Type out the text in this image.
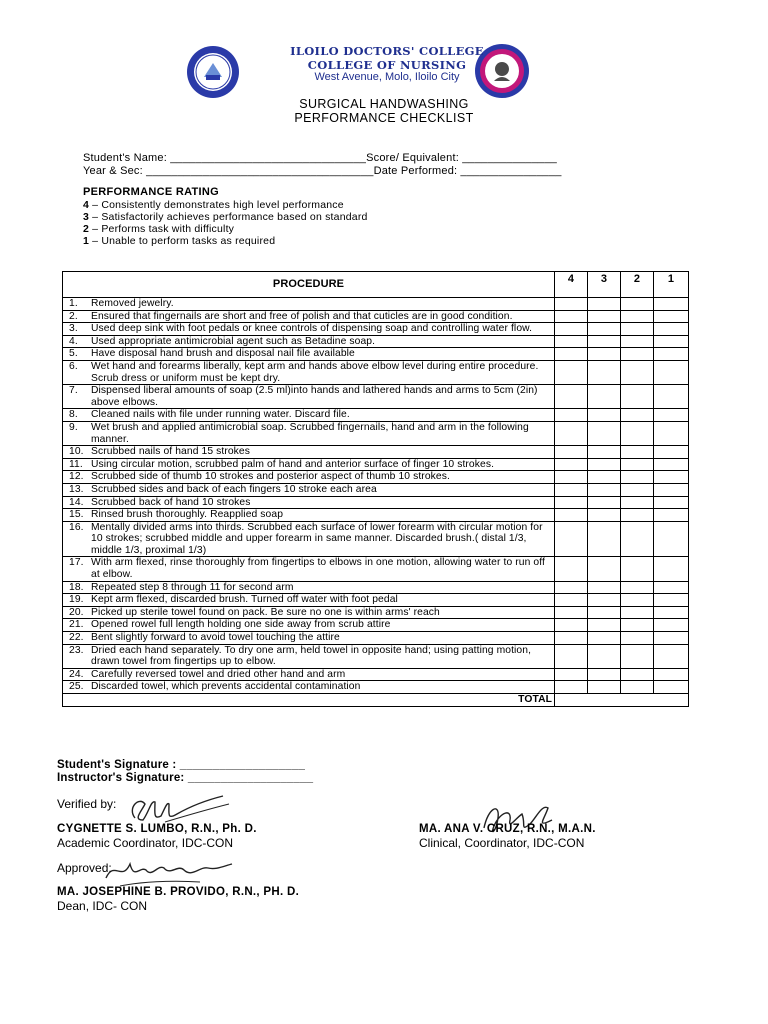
ILOILO DOCTORS' COLLEGE
COLLEGE OF NURSING
West Avenue, Molo, Iloilo City
SURGICAL HANDWASHING
PERFORMANCE CHECKLIST
Student's Name: _______________________________Score/ Equivalent: _______________
Year & Sec: ____________________________________Date Performed: ________________
PERFORMANCE RATING
4 – Consistently demonstrates high level performance
3 – Satisfactorily achieves performance based on standard
2 – Performs task with difficulty
1 – Unable to perform tasks as required
PROCEDURE	4	3	2	1

1. Removed jewelry.				

2. Ensured that fingernails are short and free of polish and that cuticles are in good condition.				

3. Used deep sink with foot pedals or knee controls of dispensing soap and controlling water flow.				

4. Used appropriate antimicrobial agent such as Betadine soap.				

5. Have disposal hand brush and disposal nail file available				

6. Wet hand and forearms liberally, kept arm and hands above elbow level during entire procedure. Scrub dress or uniform must be kept dry.				

7. Dispensed liberal amounts of soap (2.5 ml)into hands and lathered hands and arms to 5cm (2in) above elbows.				

8. Cleaned nails with file under running water. Discard file.				

9. Wet brush and applied antimicrobial soap. Scrubbed fingernails, hand and arm in the following manner.				

10. Scrubbed nails of hand 15 strokes				

11. Using circular motion, scrubbed palm of hand and anterior surface of finger 10 strokes.				

12. Scrubbed side of thumb 10 strokes and posterior aspect of thumb 10 strokes.				

13. Scrubbed sides and back of each fingers 10 stroke each area				

14. Scrubbed back of hand 10 strokes				

15. Rinsed brush thoroughly. Reapplied soap				

16. Mentally divided arms into thirds. Scrubbed each surface of lower forearm with circular motion for 10 strokes; scrubbed middle and upper forearm in same manner. Discarded brush.( distal 1/3, middle 1/3, proximal 1/3)				

17. With arm flexed, rinse thoroughly from fingertips to elbows in one motion, allowing water to run off at elbow.				

18. Repeated step 8 through 11 for second arm				

19. Kept arm flexed, discarded brush. Turned off water with foot pedal				

20. Picked up sterile towel found on pack. Be sure no one is within arms' reach				

21. Opened rowel full length holding one side away from scrub attire				

22. Bent slightly forward to avoid towel touching the attire				

23. Dried each hand separately. To dry one arm, held towel in opposite hand; using patting motion, drawn towel from fingertips up to elbow.				

24. Carefully reversed towel and dried other hand and arm				

25. Discarded towel, which prevents accidental contamination				

TOTAL				
Student's Signature : ___________________
Instructor's Signature: ___________________
Verified by:
CYGNETTE S. LUMBO, R.N., Ph. D.
Academic Coordinator, IDC-CON
MA. ANA V. CRUZ, R.N., M.A.N.
Clinical, Coordinator, IDC-CON
Approved:
MA. JOSEPHINE B. PROVIDO, R.N., PH. D.
Dean, IDC- CON
